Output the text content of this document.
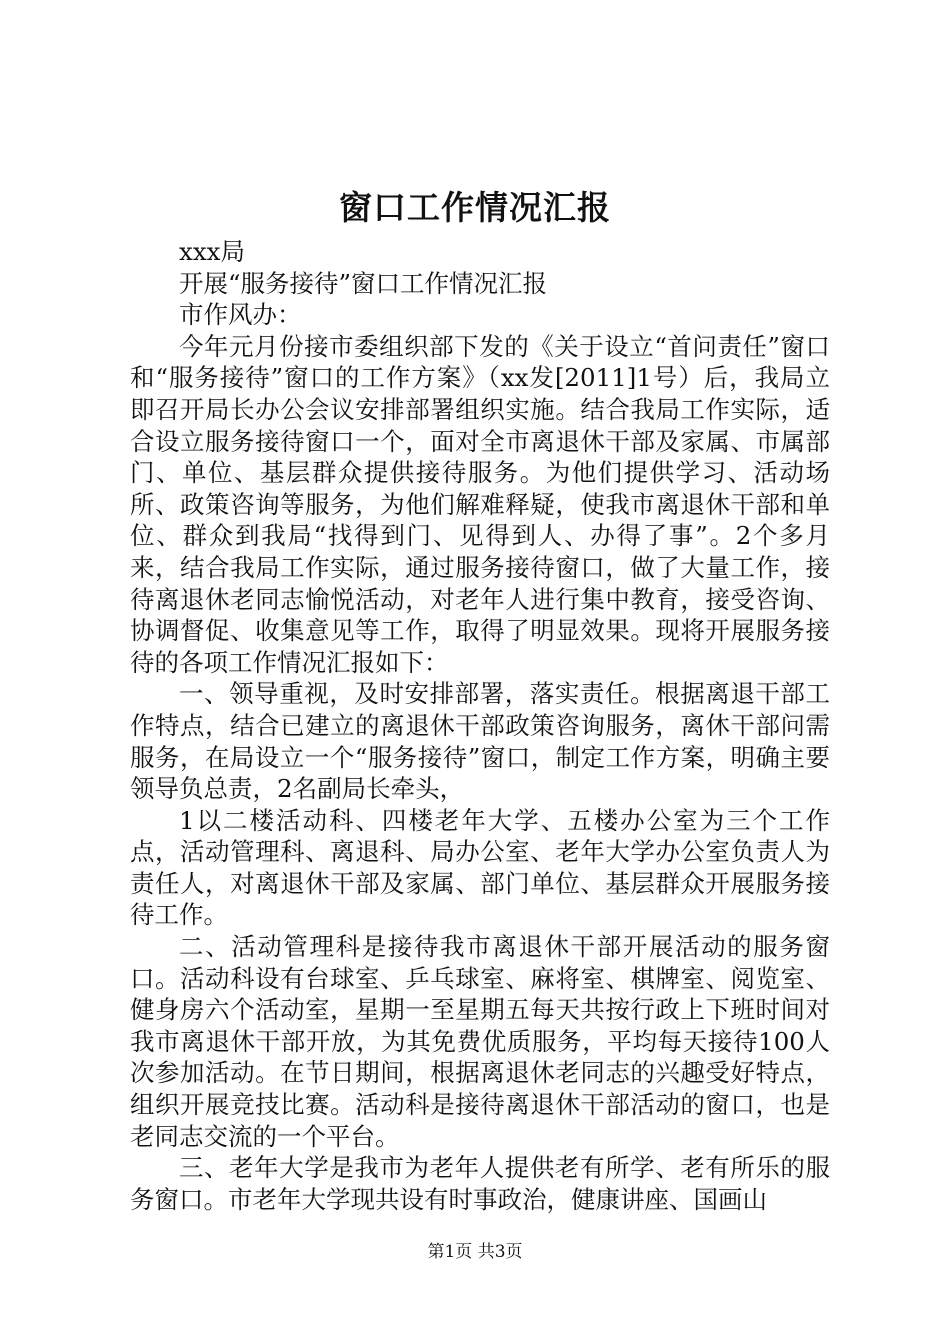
窗口工作情况汇报

xxx局

开展“服务接待”窗口工作情况汇报

市作风办：

今年元月份接市委组织部下发的《关于设立“首问责任”窗口和“服务接待”窗口的工作方案》（xx发[2011]1号）后，我局立即召开局长办公会议安排部署组织实施。结合我局工作实际，适合设立服务接待窗口一个，面对全市离退休干部及家属、市属部门、单位、基层群众提供接待服务。为他们提供学习、活动场所、政策咨询等服务，为他们解难释疑，使我市离退休干部和单位、群众到我局“找得到门、见得到人、办得了事”。2个多月来，结合我局工作实际，通过服务接待窗口，做了大量工作，接待离退休老同志愉悦活动，对老年人进行集中教育，接受咨询、协调督促、收集意见等工作，取得了明显效果。现将开展服务接待的各项工作情况汇报如下：

一、领导重视，及时安排部署，落实责任。根据离退干部工作特点，结合已建立的离退休干部政策咨询服务，离休干部问需服务，在局设立一个“服务接待”窗口，制定工作方案，明确主要领导负总责，2名副局长牵头，

1以二楼活动科、四楼老年大学、五楼办公室为三个工作点，活动管理科、离退科、局办公室、老年大学办公室负责人为责任人，对离退休干部及家属、部门单位、基层群众开展服务接待工作。

二、活动管理科是接待我市离退休干部开展活动的服务窗口。活动科设有台球室、乒乓球室、麻将室、棋牌室、阅览室、健身房六个活动室，星期一至星期五每天共按行政上下班时间对我市离退休干部开放，为其免费优质服务，平均每天接待100人次参加活动。在节日期间，根据离退休老同志的兴趣受好特点，组织开展竞技比赛。活动科是接待离退休干部活动的窗口，也是老同志交流的一个平台。

三、老年大学是我市为老年人提供老有所学、老有所乐的服务窗口。市老年大学现共设有时事政治，健康讲座、国画山

第1页 共3页
